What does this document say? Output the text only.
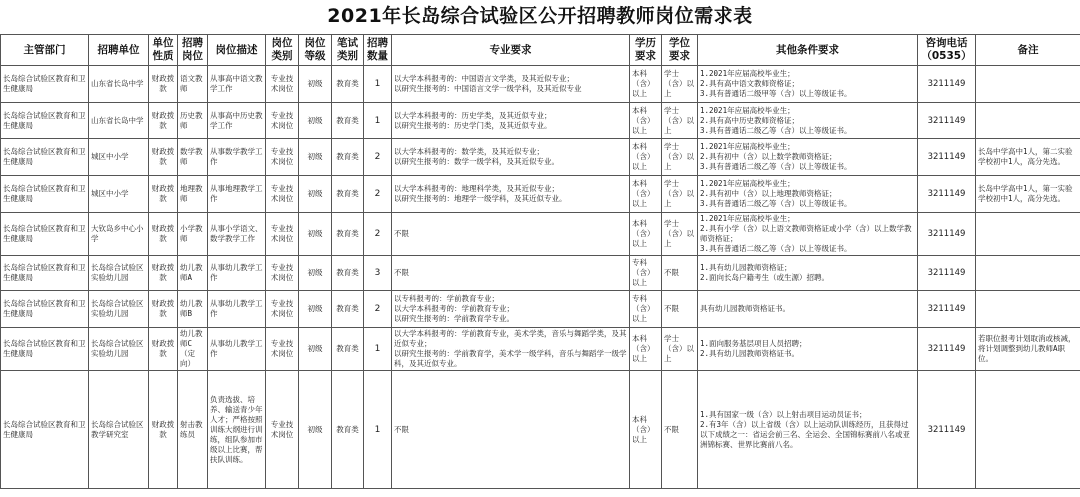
2021年长岛综合试验区公开招聘教师岗位需求表
主管部门	招聘单位	单位性质	招聘岗位	岗位描述	岗位类别	岗位等级	笔试类别	招聘数量	专业要求	学历要求	学位要求	其他条件要求	咨询电话（0535）	备注
长岛综合试验区教育和卫生健康局	山东省长岛中学	财政拨款	语文教师	从事高中语文教学工作	专业技术岗位	初级	教育类	1	以大学本科报考的：中国语言文学类，及其近似专业；
以研究生报考的：中国语言文学一级学科，及其近似专业	本科（含）以上	学士（含）以上	1.2021年应届高校毕业生；
2.具有高中语文教师资格证；
3.具有普通话二级甲等（含）以上等级证书。	3211149	
长岛综合试验区教育和卫生健康局	山东省长岛中学	财政拨款	历史教师	从事高中历史教学工作	专业技术岗位	初级	教育类	1	以大学本科报考的：历史学类，及其近似专业；
以研究生报考的：历史学门类，及其近似专业。	本科（含）以上	学士（含）以上	1.2021年应届高校毕业生；
2.具有高中历史教师资格证；
3.具有普通话二级乙等（含）以上等级证书。	3211149	
长岛综合试验区教育和卫生健康局	城区中小学	财政拨款	数学教师	从事数学教学工作	专业技术岗位	初级	教育类	2	以大学本科报考的：数学类，及其近似专业；
以研究生报考的：数学一级学科，及其近似专业。	本科（含）以上	学士（含）以上	1.2021年应届高校毕业生；
2.具有初中（含）以上数学教师资格证；
3.具有普通话二级乙等（含）以上等级证书。	3211149	长岛中学高中1人，第二实验学校初中1人，高分先选。
长岛综合试验区教育和卫生健康局	城区中小学	财政拨款	地理教师	从事地理教学工作	专业技术岗位	初级	教育类	2	以大学本科报考的：地理科学类，及其近似专业；
以研究生报考的：地理学一级学科，及其近似专业。	本科（含）以上	学士（含）以上	1.2021年应届高校毕业生；                         2.具有初中（含）以上地理教师资格证；
3.具有普通话二级乙等（含）以上等级证书。	3211149	长岛中学高中1人，第一实验学校初中1人，高分先选。
长岛综合试验区教育和卫生健康局	大钦岛乡中心小学	财政拨款	小学教师	从事小学语文、数学教学工作	专业技术岗位	初级	教育类	2	不限	本科（含）以上	学士（含）以上	1.2021年应届高校毕业生；
2.具有小学（含）以上语文教师资格证或小学（含）以上数学教师资格证；
3.具有普通话二级乙等（含）以上等级证书。	3211149	
长岛综合试验区教育和卫生健康局	长岛综合试验区实验幼儿园	财政拨款	幼儿教师A	从事幼儿教学工作	专业技术岗位	初级	教育类	3	不限	专科（含）以上	不限	1.具有幼儿园教师资格证；
2.面向长岛户籍考生（或生源）招聘。	3211149	
长岛综合试验区教育和卫生健康局	长岛综合试验区实验幼儿园	财政拨款	幼儿教师B	从事幼儿教学工作	专业技术岗位	初级	教育类	2	以专科报考的：学前教育专业；
以大学本科报考的：学前教育专业；
以研究生报考的：学前教育学专业。	专科（含）以上	不限	具有幼儿园教师资格证书。	3211149	
长岛综合试验区教育和卫生健康局	长岛综合试验区实验幼儿园	财政拨款	幼儿教师C（定向）	从事幼儿教学工作	专业技术岗位	初级	教育类	1	以大学本科报考的：学前教育专业，美术学类，音乐与舞蹈学类，及其近似专业；
以研究生报考的：学前教育学，美术学一级学科，音乐与舞蹈学一级学科，及其近似专业。	本科（含）以上	学士（含）以上	1.面向服务基层项目人员招聘；
2.具有幼儿园教师资格证书。	3211149	若职位报考计划取消或核减，将计划调整到幼儿教师A职位。
长岛综合试验区教育和卫生健康局	长岛综合试验区教学研究室	财政拨款	射击教练员	负责选拔、培养、输送青少年人才；严格按照训练大纲进行训练，组队参加市级以上比赛，帮扶队训练。	专业技术岗位	初级	教育类	1	不限	本科（含）以上	不限	1.具有国家一级（含）以上射击项目运动员证书；
2.有3年（含）以上省级（含）以上运动队训练经历，且获得过以下成绩之一：省运会前三名、全运会、全国锦标赛前八名或亚洲锦标赛、世界比赛前八名。	3211149	
